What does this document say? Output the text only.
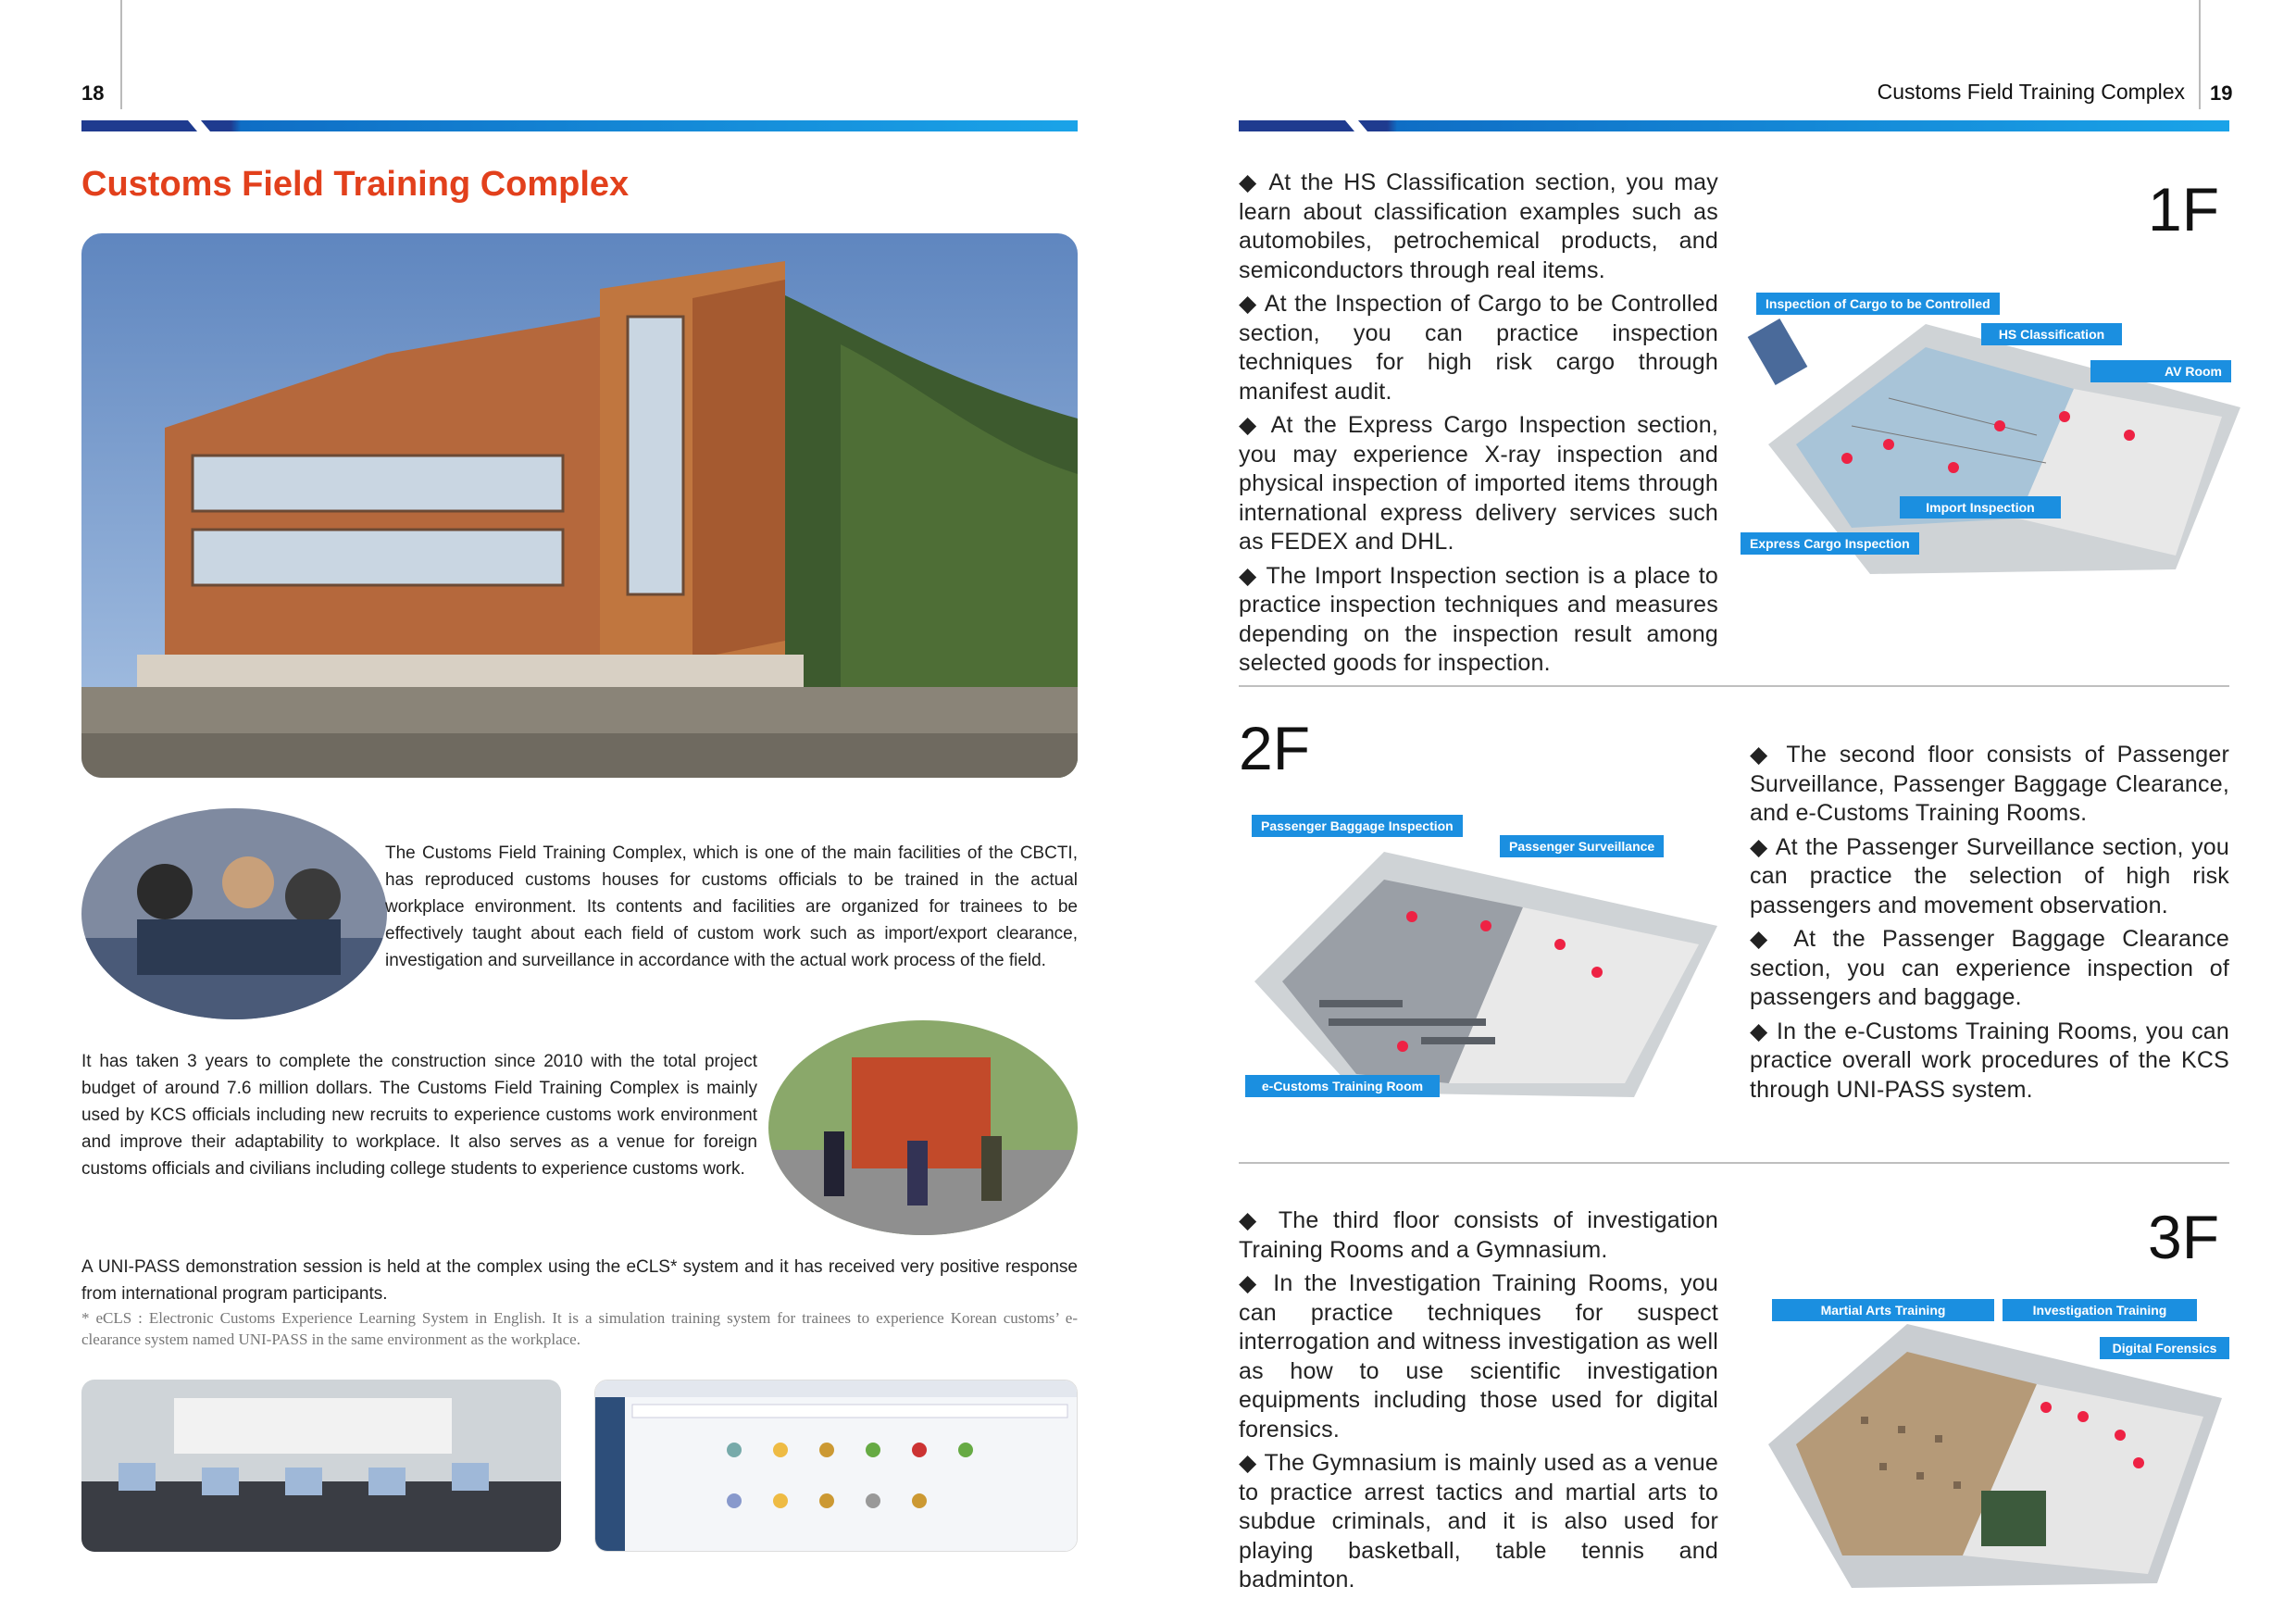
18
Customs Field Training Complex
The Customs Field Training Complex, which is one of the main facilities of the CBCTI, has reproduced customs houses for customs officials to be trained in the actual workplace environment. Its contents and facilities are organized for trainees to be effectively taught about each field of custom work such as import/export clearance, investigation and surveillance in accordance with the actual work process of the field.
It has taken 3 years to complete the construction since 2010 with the total project budget of around 7.6 million dollars. The Customs Field Training Complex is mainly used by KCS officials including new recruits to experience customs work environment and improve their adaptability to workplace. It also serves as a venue for foreign customs officials and civilians including college students to experience customs work.
A UNI-PASS demonstration session is held at the complex using the eCLS* system and it has received very positive response from international program participants.
* eCLS : Electronic Customs Experience Learning System in English. It is a simulation training system for trainees to experience Korean customs’ e-clearance system named UNI-PASS in the same environment as the workplace.
Customs Field Training Complex 19

◆ At the HS Classification section, you may learn about classification examples such as automobiles, petrochemical products, and semiconductors through real items.

◆ At the Inspection of Cargo to be Controlled section, you can practice inspection techniques for high risk cargo through manifest audit.

◆ At the Express Cargo Inspection section, you may experience X-ray inspection and physical inspection of imported items through international express delivery services such as FEDEX and DHL.

◆ The Import Inspection section is a place to practice inspection techniques and measures depending on the inspection result among selected goods for inspection.

1F
Inspection of Cargo to be Controlled
HS Classification
AV Room
Import Inspection
Express Cargo Inspection
2F
Passenger Baggage Inspection
Passenger Surveillance
e-Customs Training Room

◆ The second floor consists of Passenger Surveillance, Passenger Baggage Clearance, and e-Customs Training Rooms.

◆ At the Passenger Surveillance section, you can practice the selection of high risk passengers and movement observation.

◆ At the Passenger Baggage Clearance section, you can experience inspection of passengers and baggage.

◆ In the e-Customs Training Rooms, you can practice overall work procedures of the KCS through UNI-PASS system.

◆ The third floor consists of investigation Training Rooms and a Gymnasium.

◆ In the Investigation Training Rooms, you can practice techniques for suspect interrogation and witness investigation as well as how to use scientific investigation equipments including those used for digital forensics.

◆ The Gymnasium is mainly used as a venue to practice arrest tactics and martial arts to subdue criminals, and it is also used for playing basketball, table tennis and badminton.

3F
Martial Arts Training	Investigation Training
Digital Forensics
